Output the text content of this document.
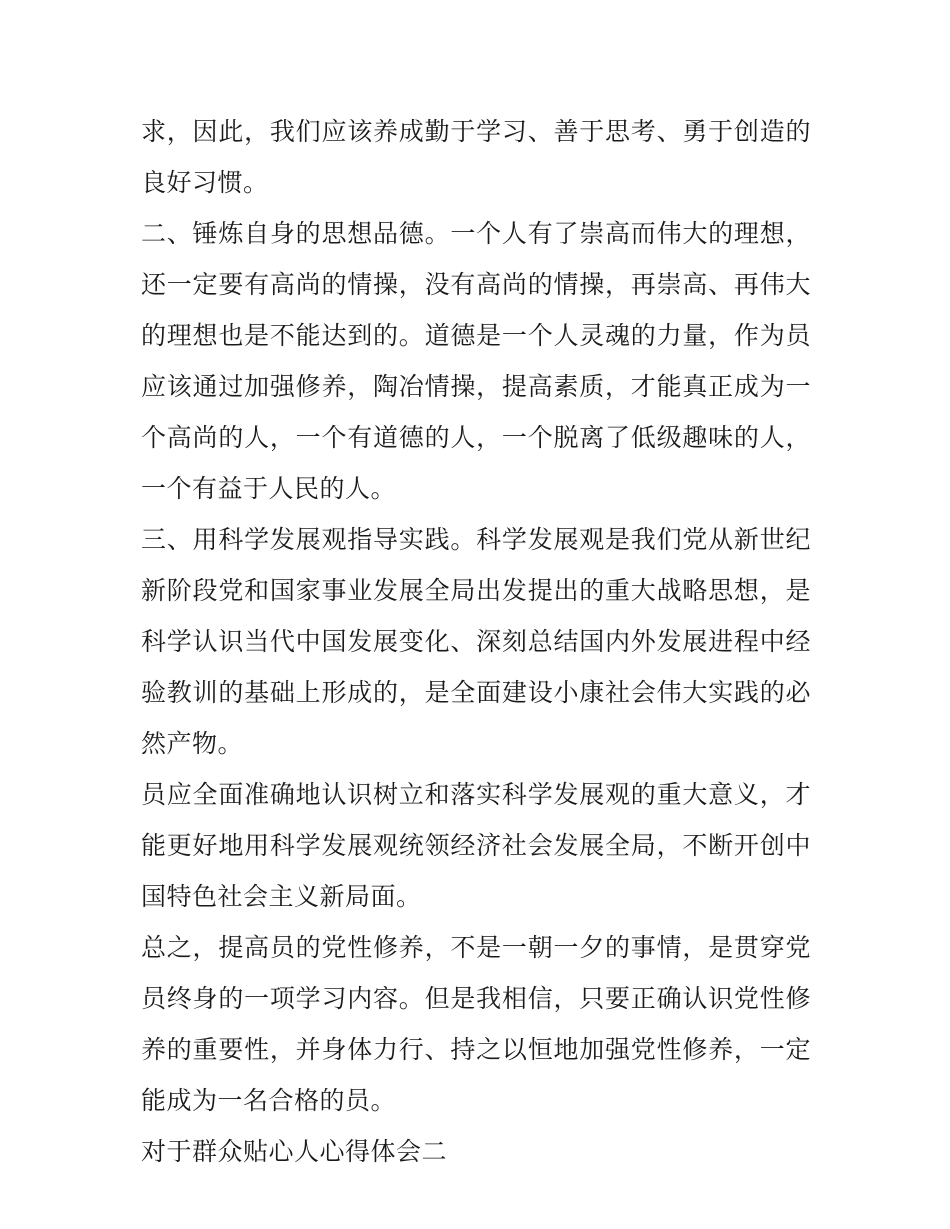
求，因此，我们应该养成勤于学习、善于思考、勇于创造的良好习惯。

二、锤炼自身的思想品德。一个人有了崇高而伟大的理想，还一定要有高尚的情操，没有高尚的情操，再崇高、再伟大的理想也是不能达到的。道德是一个人灵魂的力量，作为员应该通过加强修养，陶冶情操，提高素质，才能真正成为一个高尚的人，一个有道德的人，一个脱离了低级趣味的人，一个有益于人民的人。

三、用科学发展观指导实践。科学发展观是我们党从新世纪新阶段党和国家事业发展全局出发提出的重大战略思想，是科学认识当代中国发展变化、深刻总结国内外发展进程中经验教训的基础上形成的，是全面建设小康社会伟大实践的必然产物。

员应全面准确地认识树立和落实科学发展观的重大意义，才能更好地用科学发展观统领经济社会发展全局，不断开创中国特色社会主义新局面。

总之，提高员的党性修养，不是一朝一夕的事情，是贯穿党员终身的一项学习内容。但是我相信，只要正确认识党性修养的重要性，并身体力行、持之以恒地加强党性修养，一定能成为一名合格的员。

对于群众贴心人心得体会二
